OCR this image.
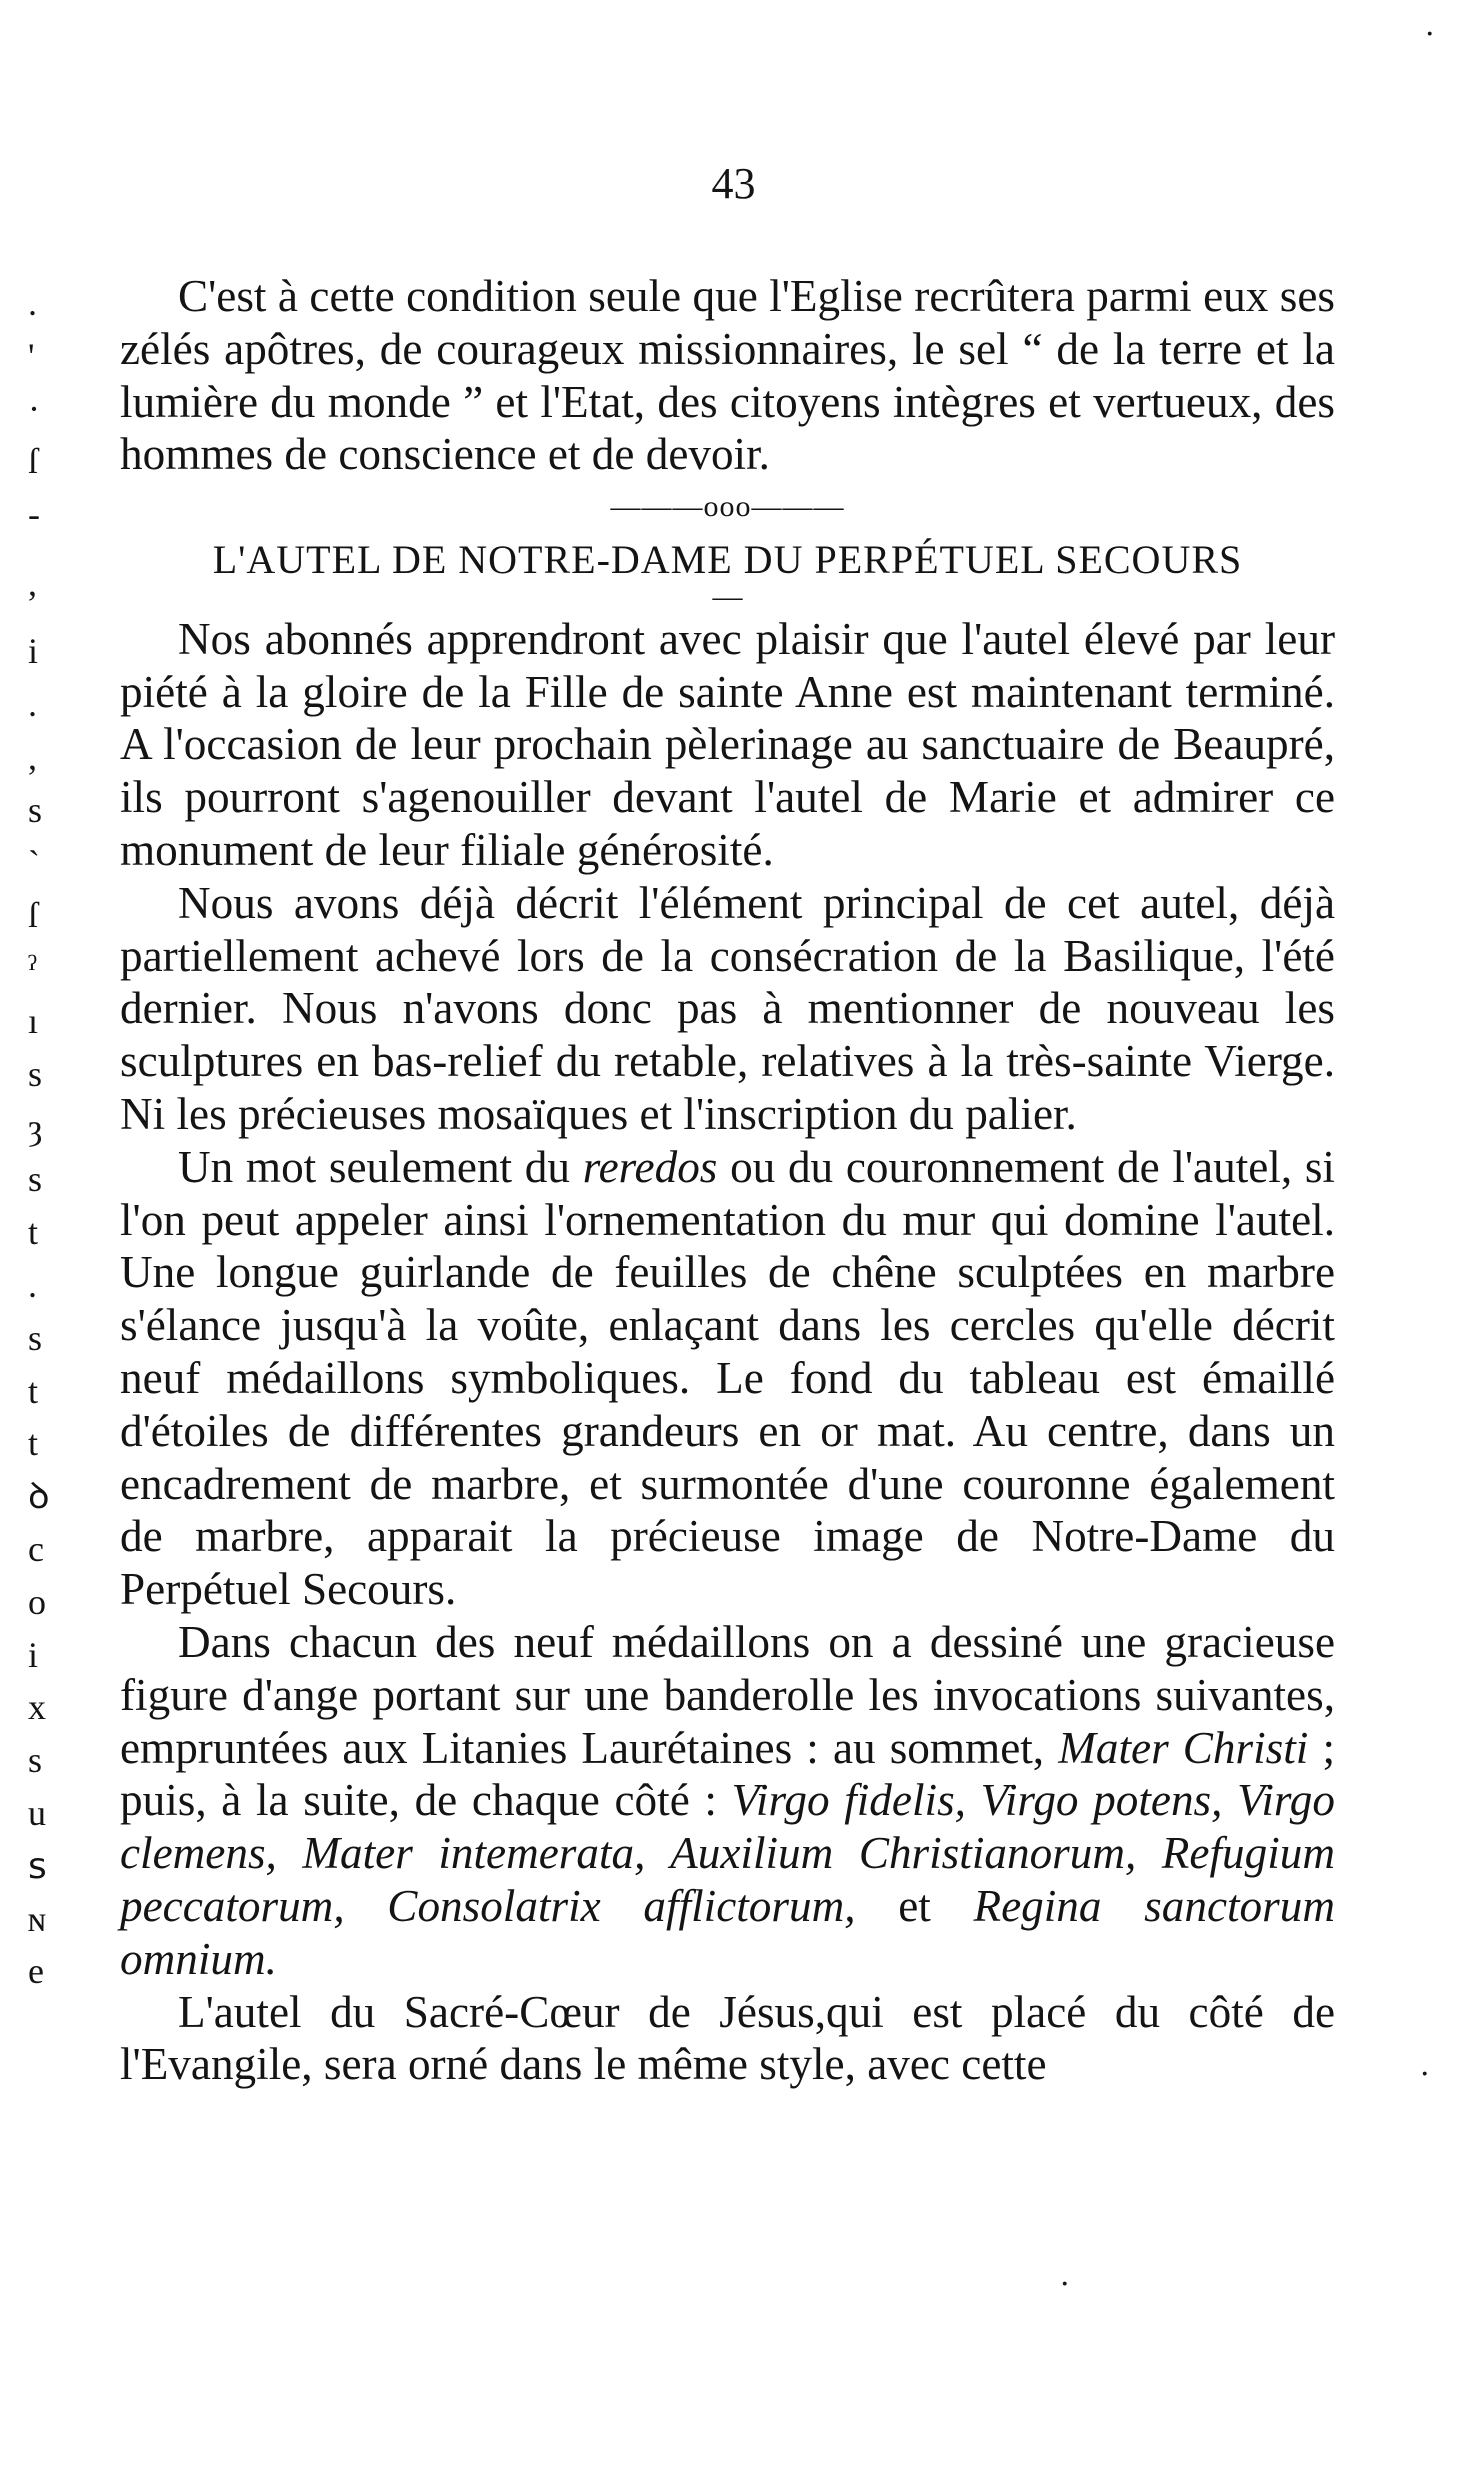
43
.
'
·
ſ
-
,
i
.
,
s
ˋ
ſ
ˀ
ı
s
ȝ
s
t
.
s
t
t
ꝺ
c
o
i
x
s
u
ꜱ
ɴ
e

C'est à cette condition seule que l'Eglise recrûtera parmi eux ses zélés apôtres, de courageux missionnaires, le sel “ de la terre et la lumière du monde ” et l'Etat, des citoyens intègres et vertueux, des hommes de conscience et de devoir.

———ooo———
L'AUTEL DE NOTRE-DAME DU PERPÉTUEL SECOURS
—

Nos abonnés apprendront avec plaisir que l'autel élevé par leur piété à la gloire de la Fille de sainte Anne est maintenant terminé. A l'occasion de leur prochain pèlerinage au sanctuaire de Beaupré, ils pourront s'agenouiller devant l'autel de Marie et admirer ce monument de leur filiale générosité.

Nous avons déjà décrit l'élément principal de cet autel, déjà partiellement achevé lors de la consécration de la Basilique, l'été dernier. Nous n'avons donc pas à mentionner de nouveau les sculptures en bas-relief du retable, relatives à la très-sainte Vierge. Ni les précieuses mosaïques et l'inscription du palier.

Un mot seulement du reredos ou du couronnement de l'autel, si l'on peut appeler ainsi l'ornementation du mur qui domine l'autel. Une longue guirlande de feuilles de chêne sculptées en marbre s'élance jusqu'à la voûte, enlaçant dans les cercles qu'elle décrit neuf médaillons symboliques. Le fond du tableau est émaillé d'étoiles de différentes grandeurs en or mat. Au centre, dans un encadrement de marbre, et surmontée d'une couronne également de marbre, apparait la précieuse image de Notre-Dame du Perpétuel Secours.

Dans chacun des neuf médaillons on a dessiné une gracieuse figure d'ange portant sur une banderolle les invocations suivantes, empruntées aux Litanies Laurétaines : au sommet, Mater Christi ; puis, à la suite, de chaque côté : Virgo fidelis, Virgo potens, Virgo clemens, Mater intemerata, Auxilium Christianorum, Refugium peccatorum, Consolatrix afflictorum, et Regina sanctorum omnium.

L'autel du Sacré-Cœur de Jésus,qui est placé du côté de l'Evangile, sera orné dans le même style, avec cette

·
·
·
